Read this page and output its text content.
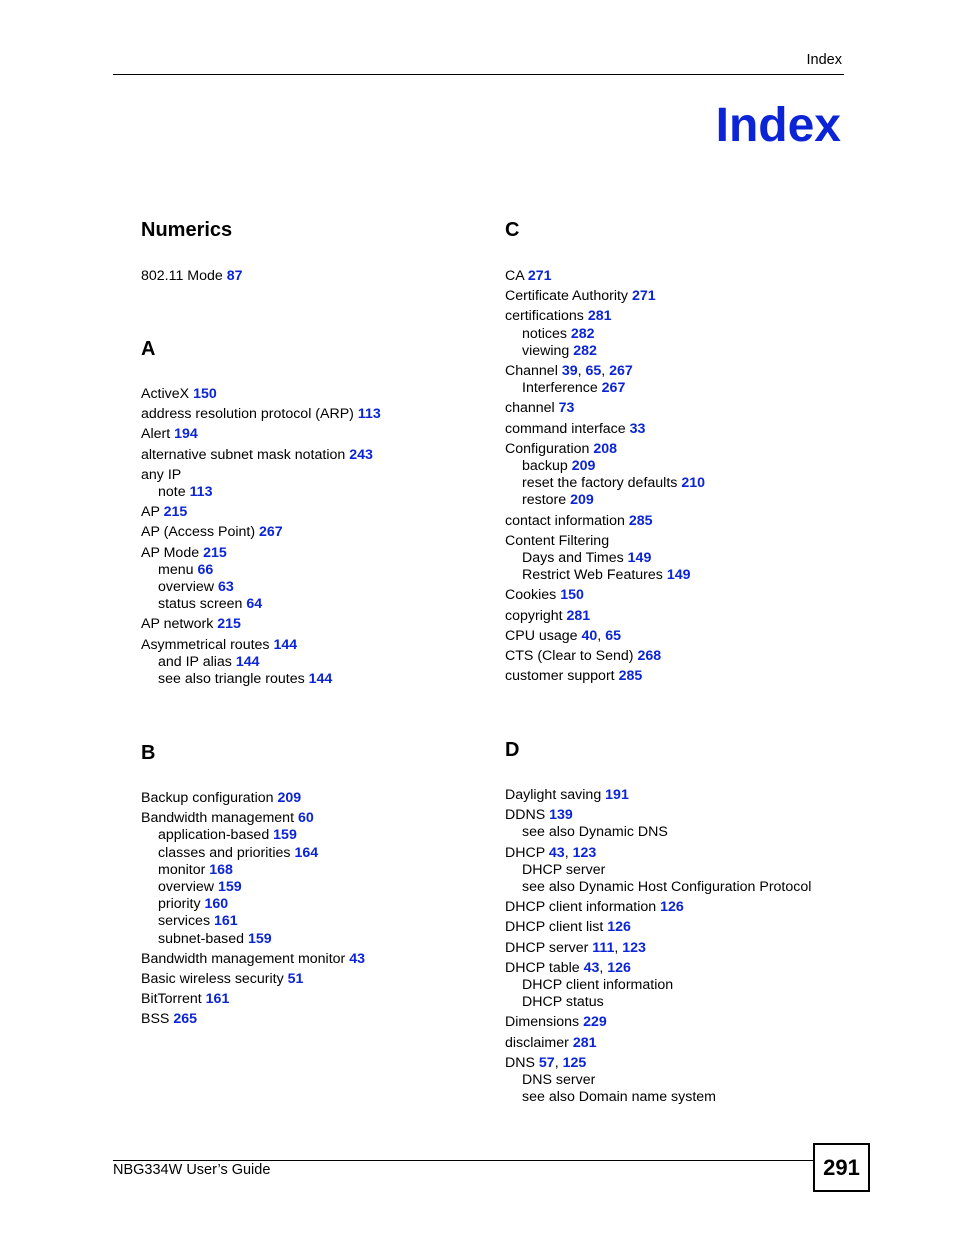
Index
Index
Numerics
802.11 Mode 87
A
ActiveX 150
address resolution protocol (ARP) 113
Alert 194
alternative subnet mask notation 243
any IP
note 113
AP 215
AP (Access Point) 267
AP Mode 215
menu 66
overview 63
status screen 64
AP network 215
Asymmetrical routes 144
and IP alias 144
see also triangle routes 144
B
Backup configuration 209
Bandwidth management 60
application-based 159
classes and priorities 164
monitor 168
overview 159
priority 160
services 161
subnet-based 159
Bandwidth management monitor 43
Basic wireless security 51
BitTorrent 161
BSS 265
C
CA 271
Certificate Authority 271
certifications 281
notices 282
viewing 282
Channel 39, 65, 267
Interference 267
channel 73
command interface 33
Configuration 208
backup 209
reset the factory defaults 210
restore 209
contact information 285
Content Filtering
Days and Times 149
Restrict Web Features 149
Cookies 150
copyright 281
CPU usage 40, 65
CTS (Clear to Send) 268
customer support 285
D
Daylight saving 191
DDNS 139
see also Dynamic DNS
DHCP 43, 123
DHCP server
see also Dynamic Host Configuration Protocol
DHCP client information 126
DHCP client list 126
DHCP server 111, 123
DHCP table 43, 126
DHCP client information
DHCP status
Dimensions 229
disclaimer 281
DNS 57, 125
DNS server
see also Domain name system
NBG334W User’s Guide	291
